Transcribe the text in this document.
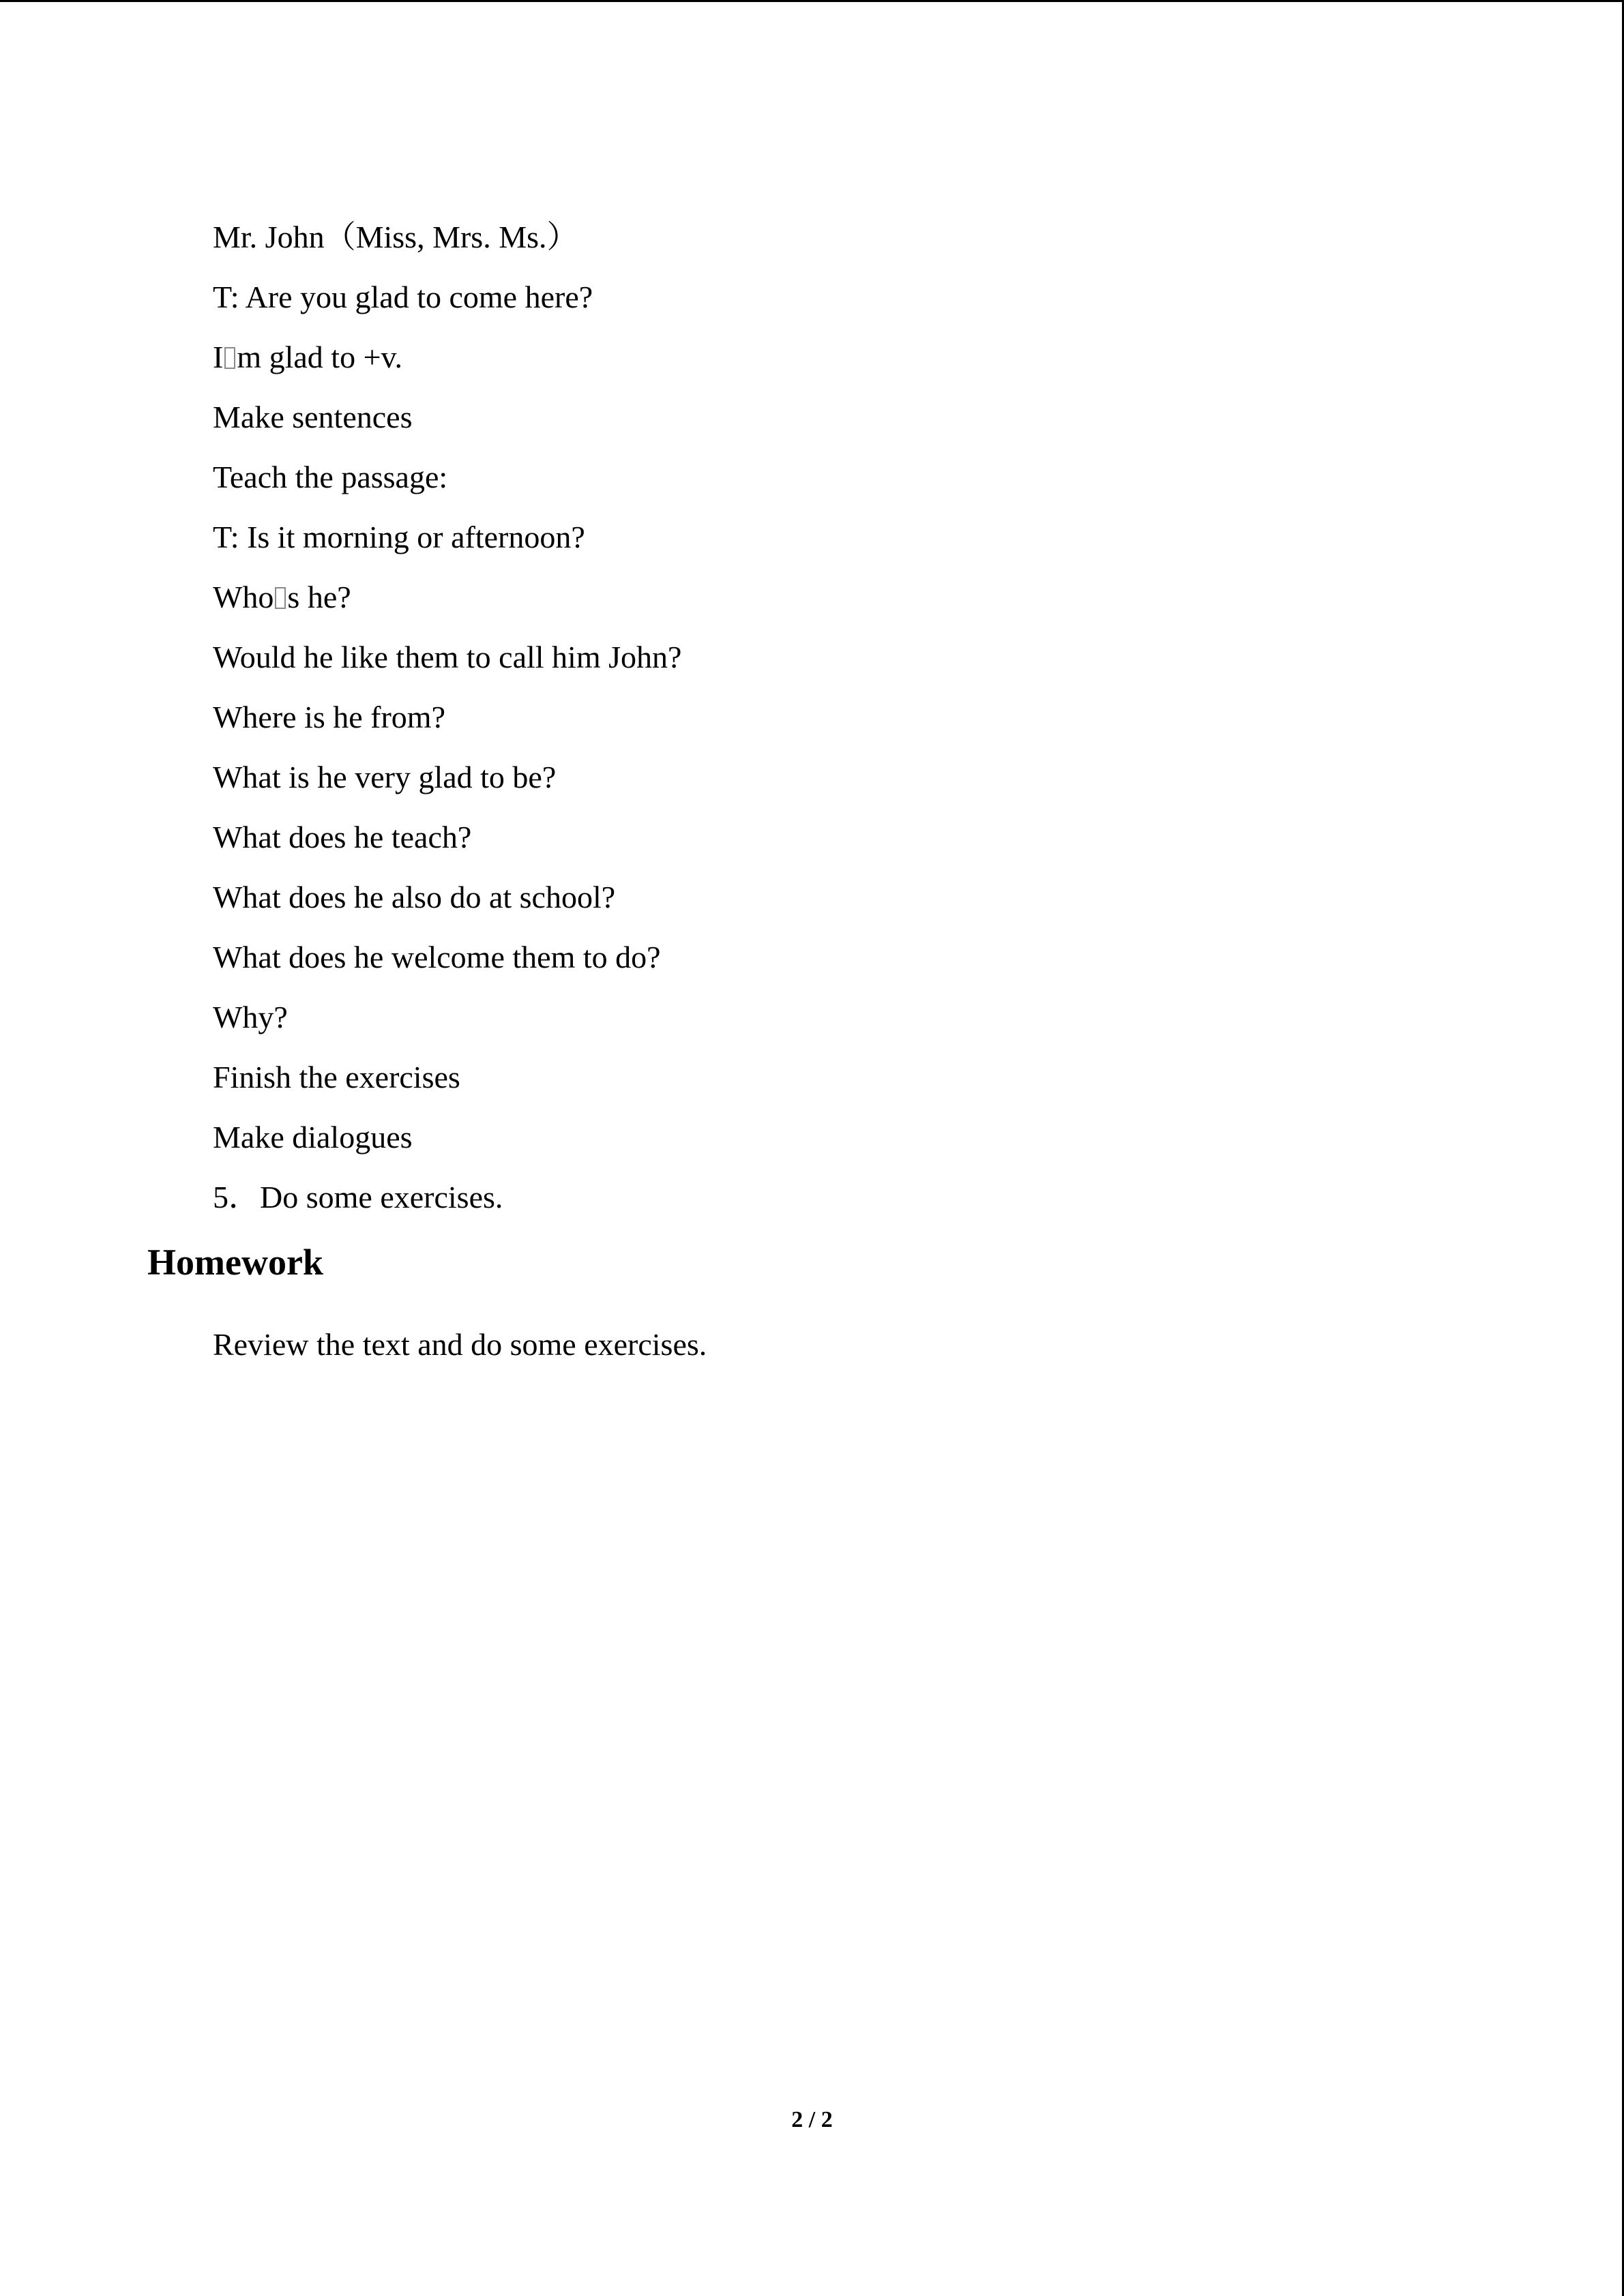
Mr. John（Miss, Mrs. Ms.）
T: Are you glad to come here?
I m glad to +v.
Make sentences
Teach the passage:
T: Is it morning or afternoon?
Who s he?
Would he like them to call him John?
Where is he from?
What is he very glad to be?
What does he teach?
What does he also do at school?
What does he welcome them to do?
Why?
Finish the exercises
Make dialogues
5．Do some exercises.
Homework
Review the text and do some exercises.
2 / 2
